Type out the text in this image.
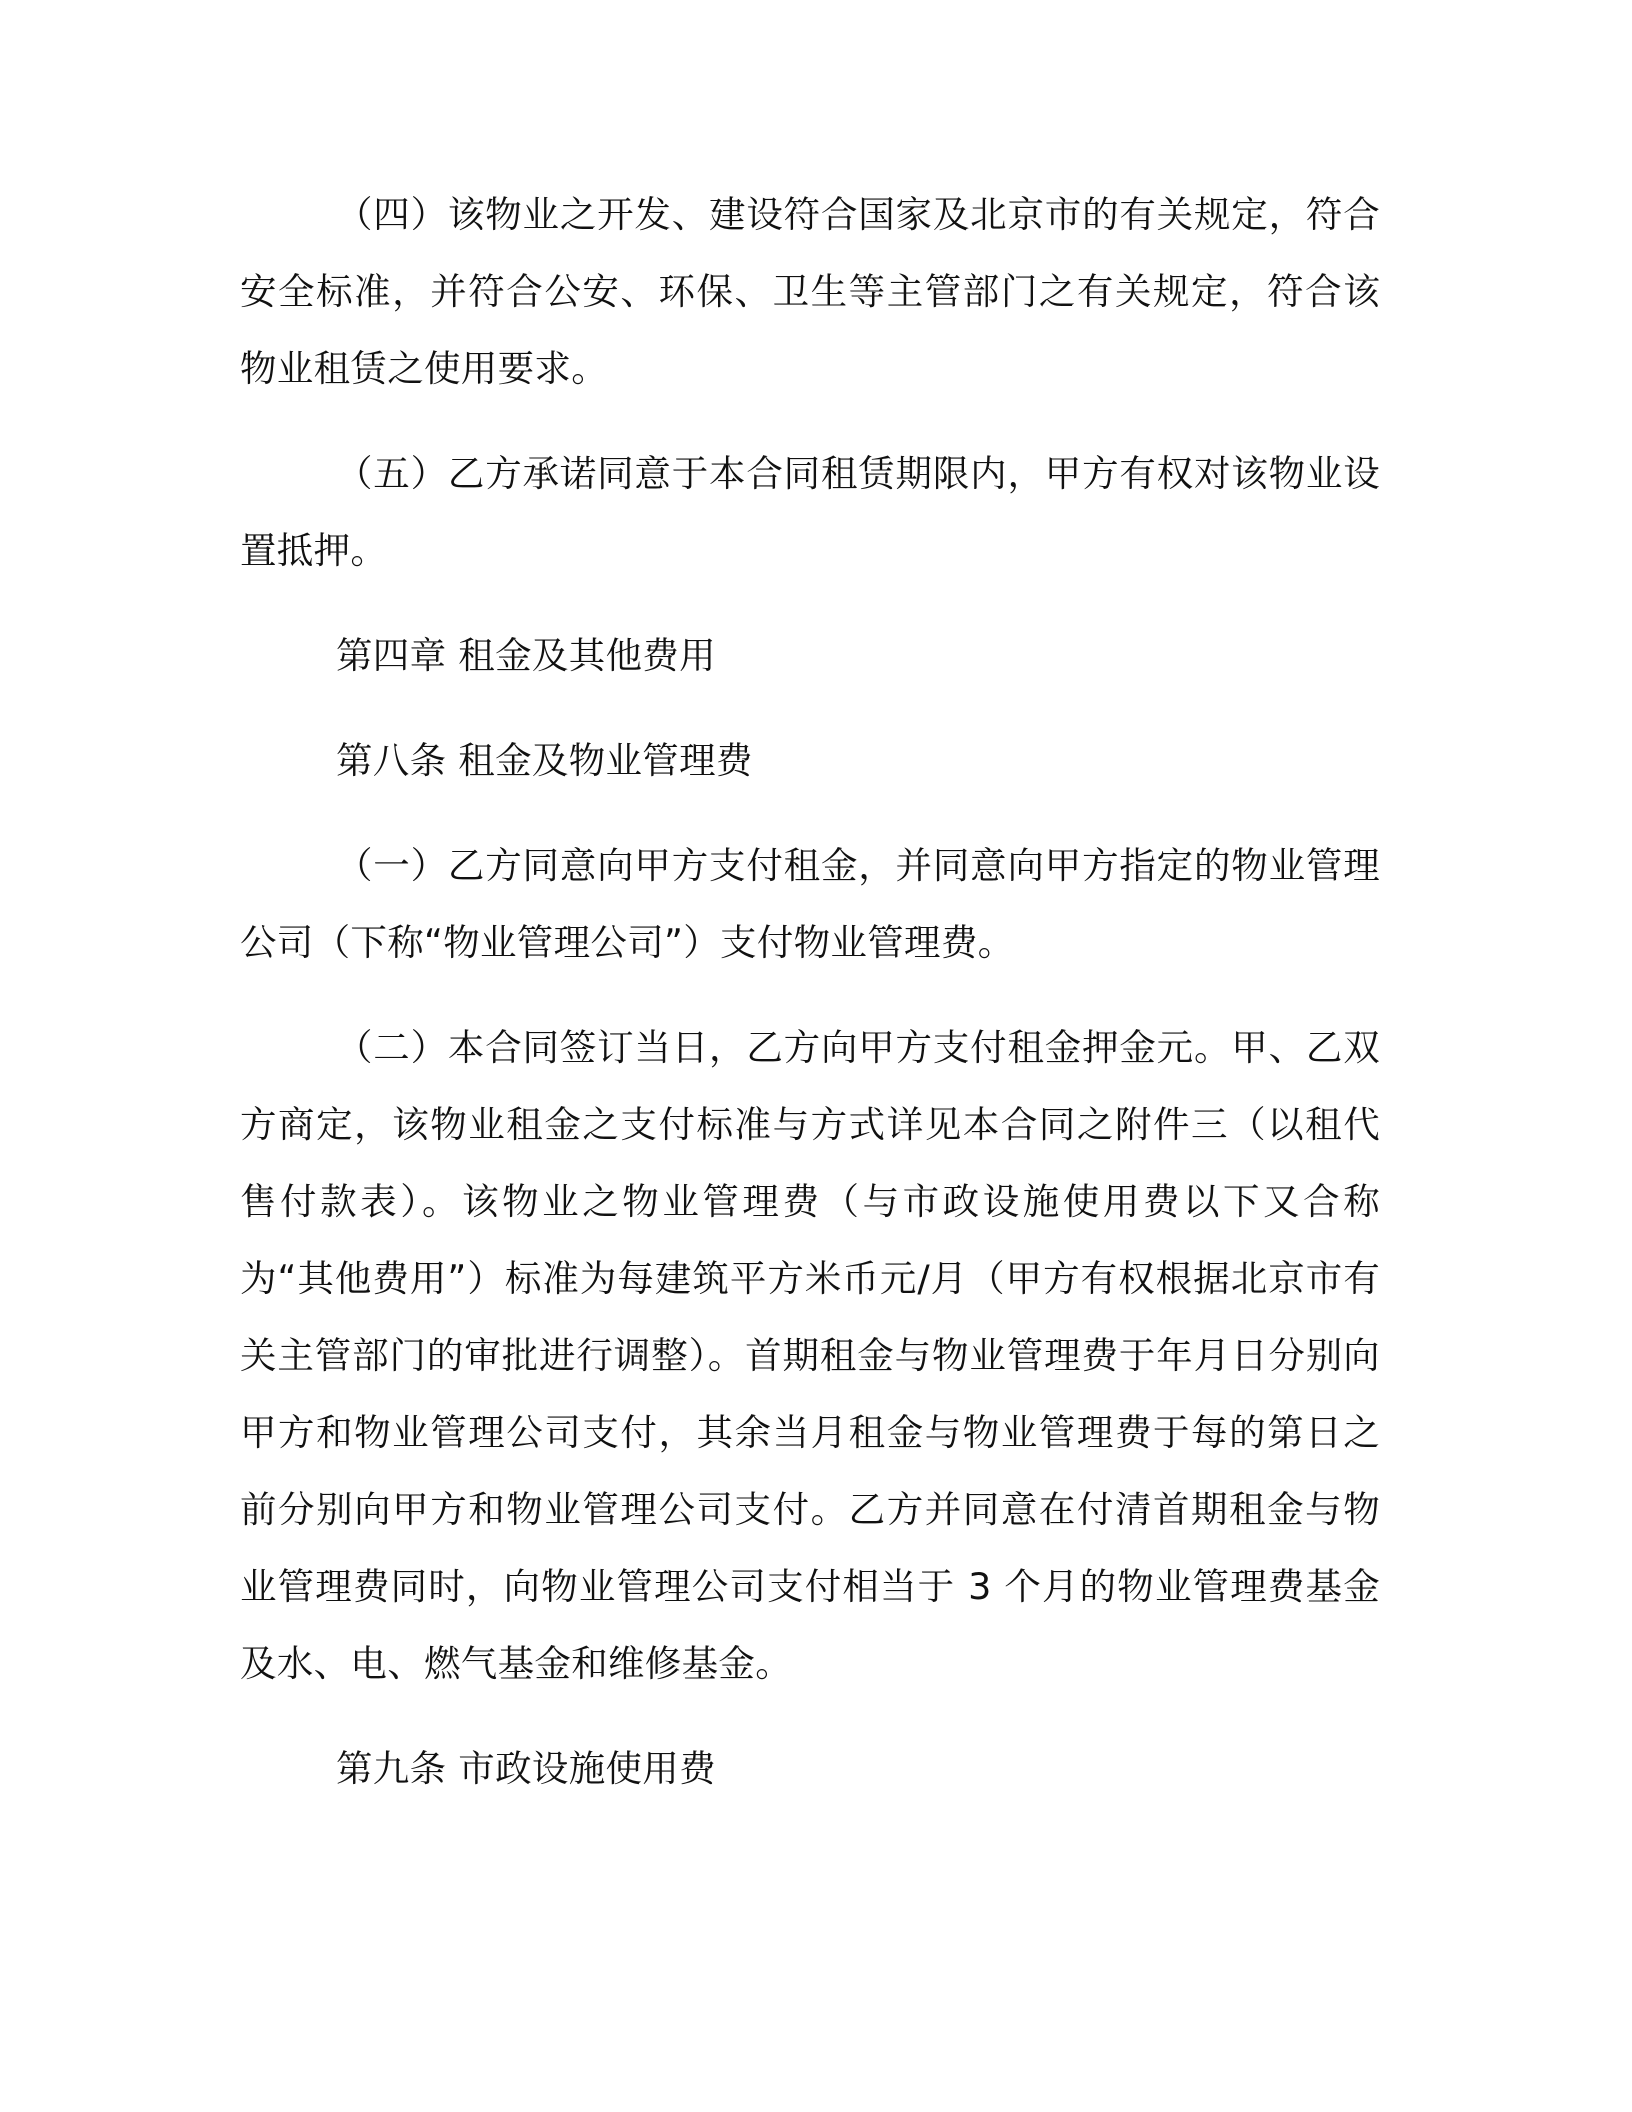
（四）该物业之开发、建设符合国家及北京市的有关规定，符合安全标准，并符合公安、环保、卫生等主管部门之有关规定，符合该物业租赁之使用要求。

（五）乙方承诺同意于本合同租赁期限内，甲方有权对该物业设置抵押。

第四章 租金及其他费用

第八条 租金及物业管理费

（一）乙方同意向甲方支付租金，并同意向甲方指定的物业管理公司（下称“物业管理公司”）支付物业管理费。

（二）本合同签订当日，乙方向甲方支付租金押金元。甲、乙双方商定，该物业租金之支付标准与方式详见本合同之附件三（以租代售付款表）。该物业之物业管理费（与市政设施使用费以下又合称为“其他费用”）标准为每建筑平方米币元/月（甲方有权根据北京市有关主管部门的审批进行调整）。首期租金与物业管理费于年月日分别向甲方和物业管理公司支付，其余当月租金与物业管理费于每的第日之前分别向甲方和物业管理公司支付。乙方并同意在付清首期租金与物业管理费同时，向物业管理公司支付相当于 3 个月的物业管理费基金及水、电、燃气基金和维修基金。

第九条 市政设施使用费
